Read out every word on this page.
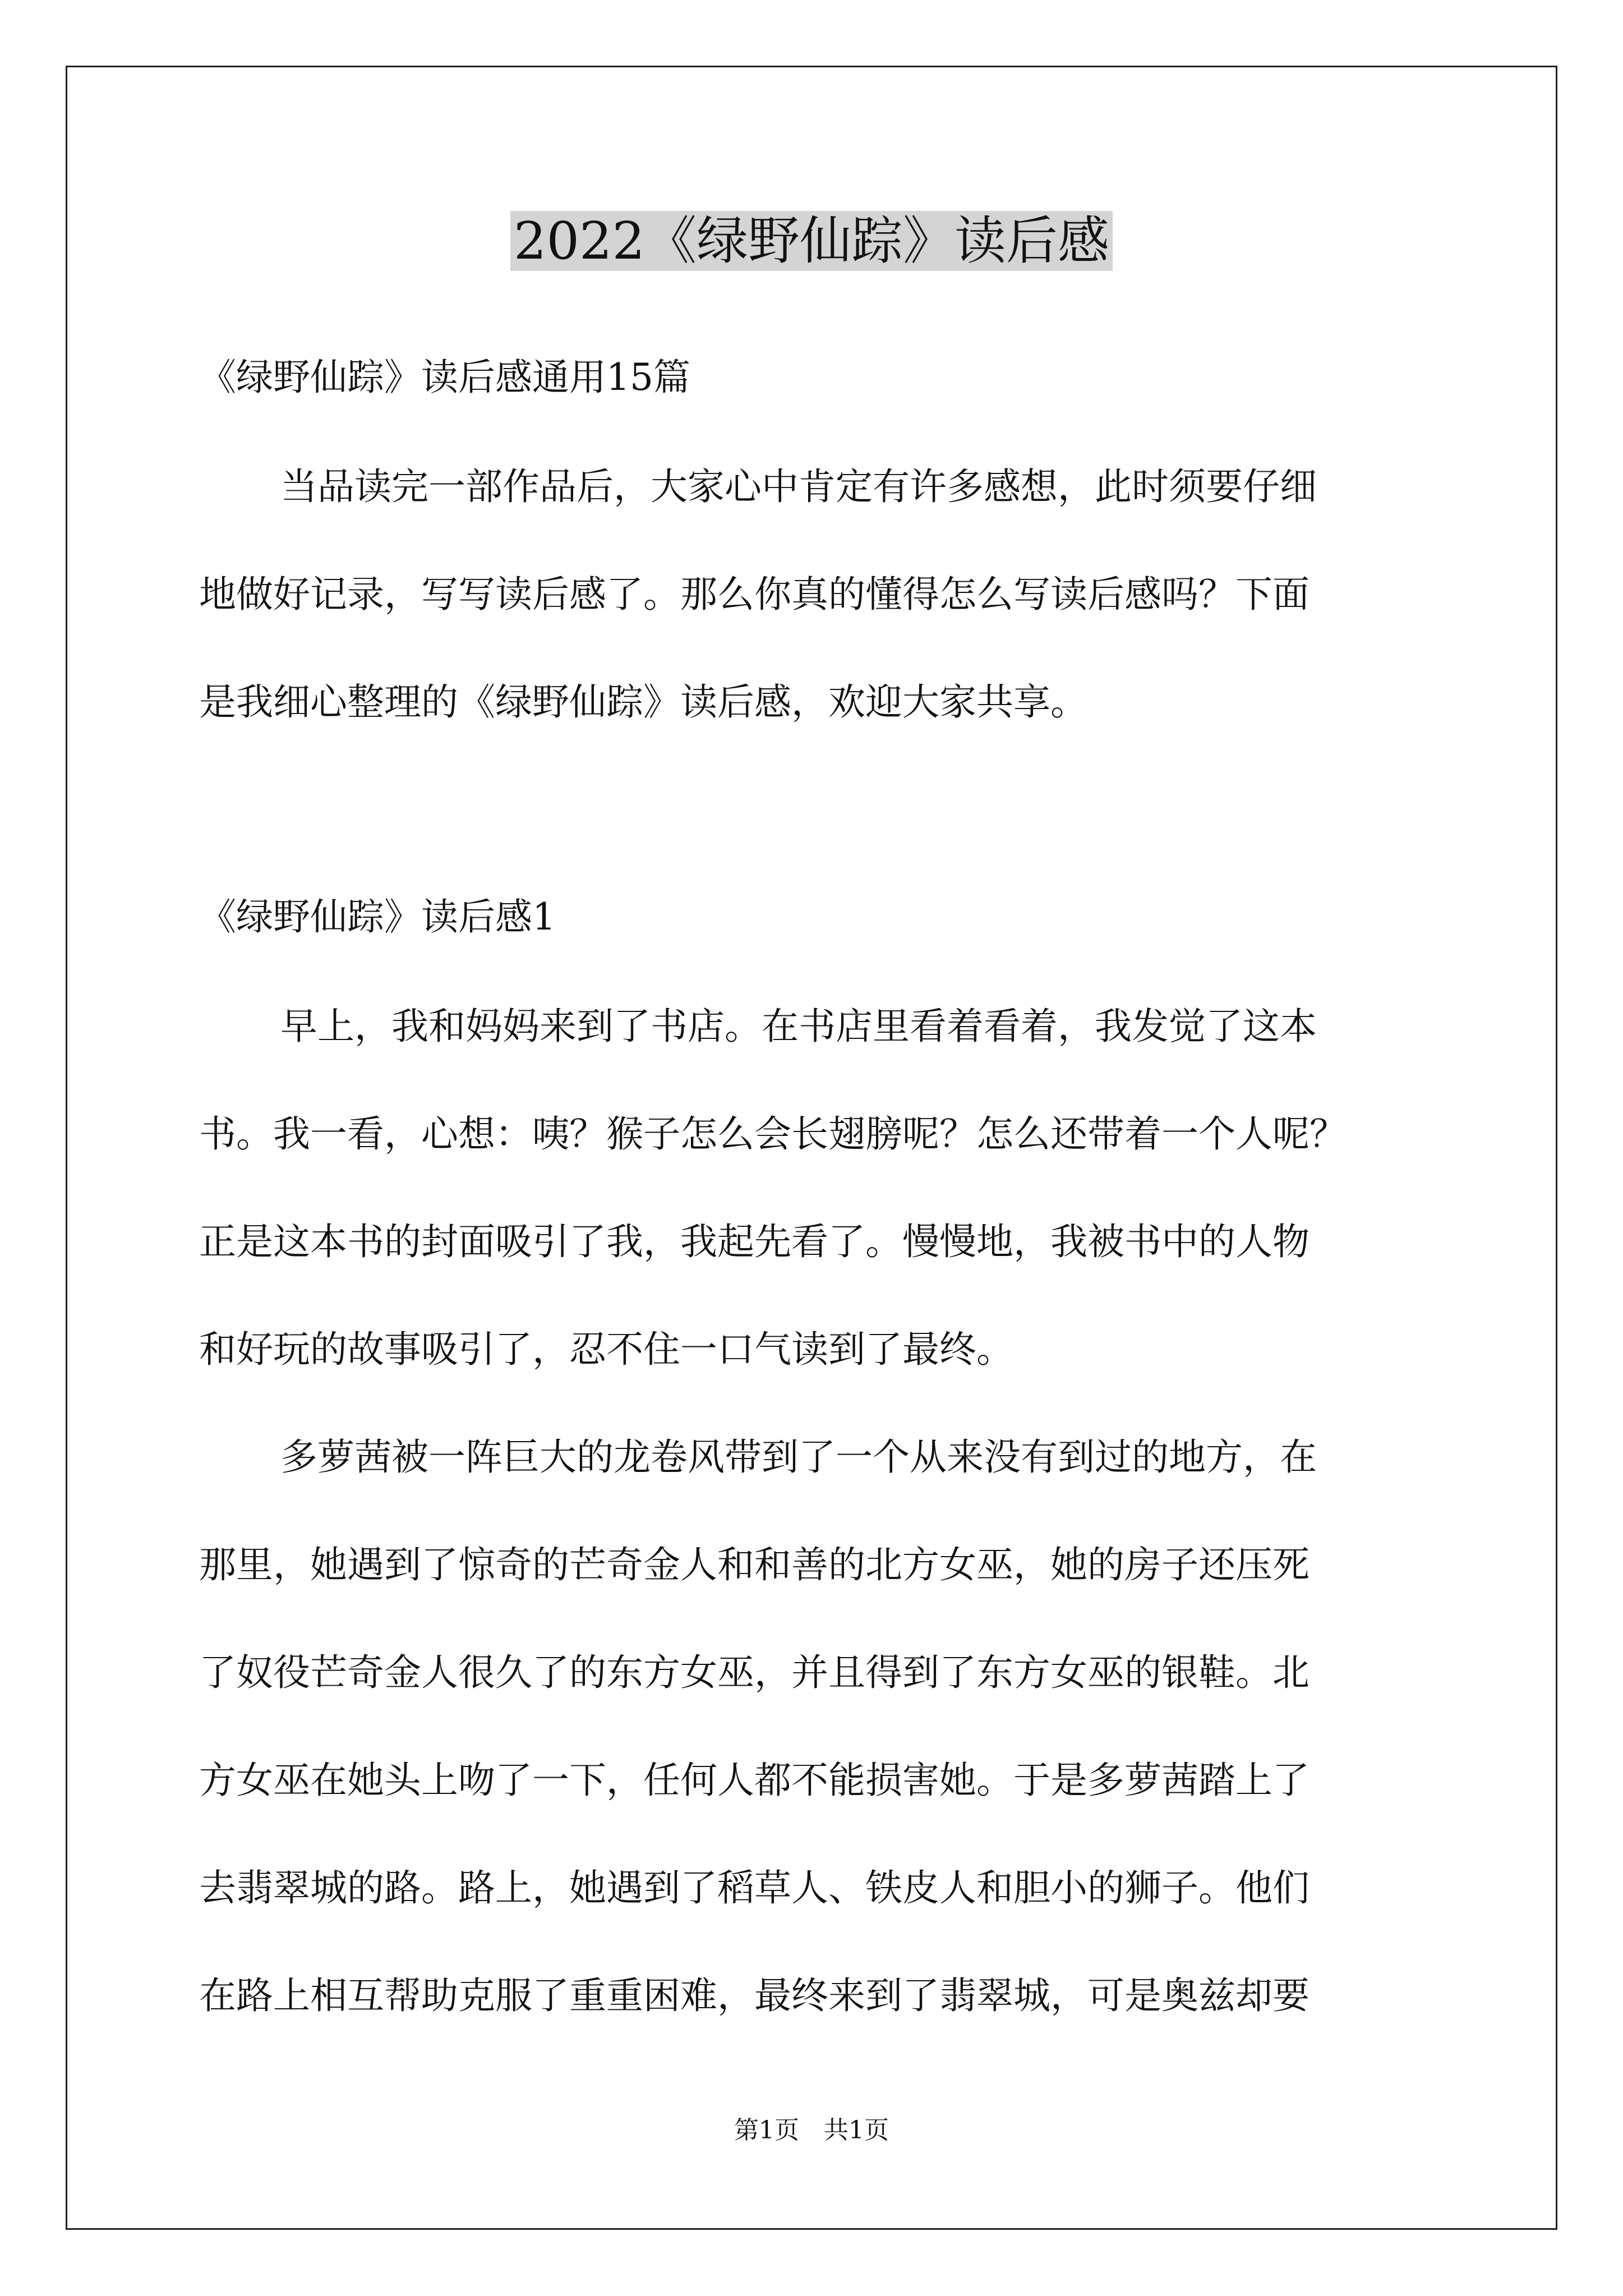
2022《绿野仙踪》读后感

《绿野仙踪》读后感通用15篇

当品读完一部作品后，大家心中肯定有许多感想，此时须要仔细

地做好记录，写写读后感了。那么你真的懂得怎么写读后感吗？下面

是我细心整理的《绿野仙踪》读后感，欢迎大家共享。

《绿野仙踪》读后感1

早上，我和妈妈来到了书店。在书店里看着看着，我发觉了这本

书。我一看，心想：咦？猴子怎么会长翅膀呢？怎么还带着一个人呢？

正是这本书的封面吸引了我，我起先看了。慢慢地，我被书中的人物

和好玩的故事吸引了，忍不住一口气读到了最终。

多萝茜被一阵巨大的龙卷风带到了一个从来没有到过的地方，在

那里，她遇到了惊奇的芒奇金人和和善的北方女巫，她的房子还压死

了奴役芒奇金人很久了的东方女巫，并且得到了东方女巫的银鞋。北

方女巫在她头上吻了一下，任何人都不能损害她。于是多萝茜踏上了

去翡翠城的路。路上，她遇到了稻草人、铁皮人和胆小的狮子。他们

在路上相互帮助克服了重重困难，最终来到了翡翠城，可是奥兹却要

第1页　共1页
